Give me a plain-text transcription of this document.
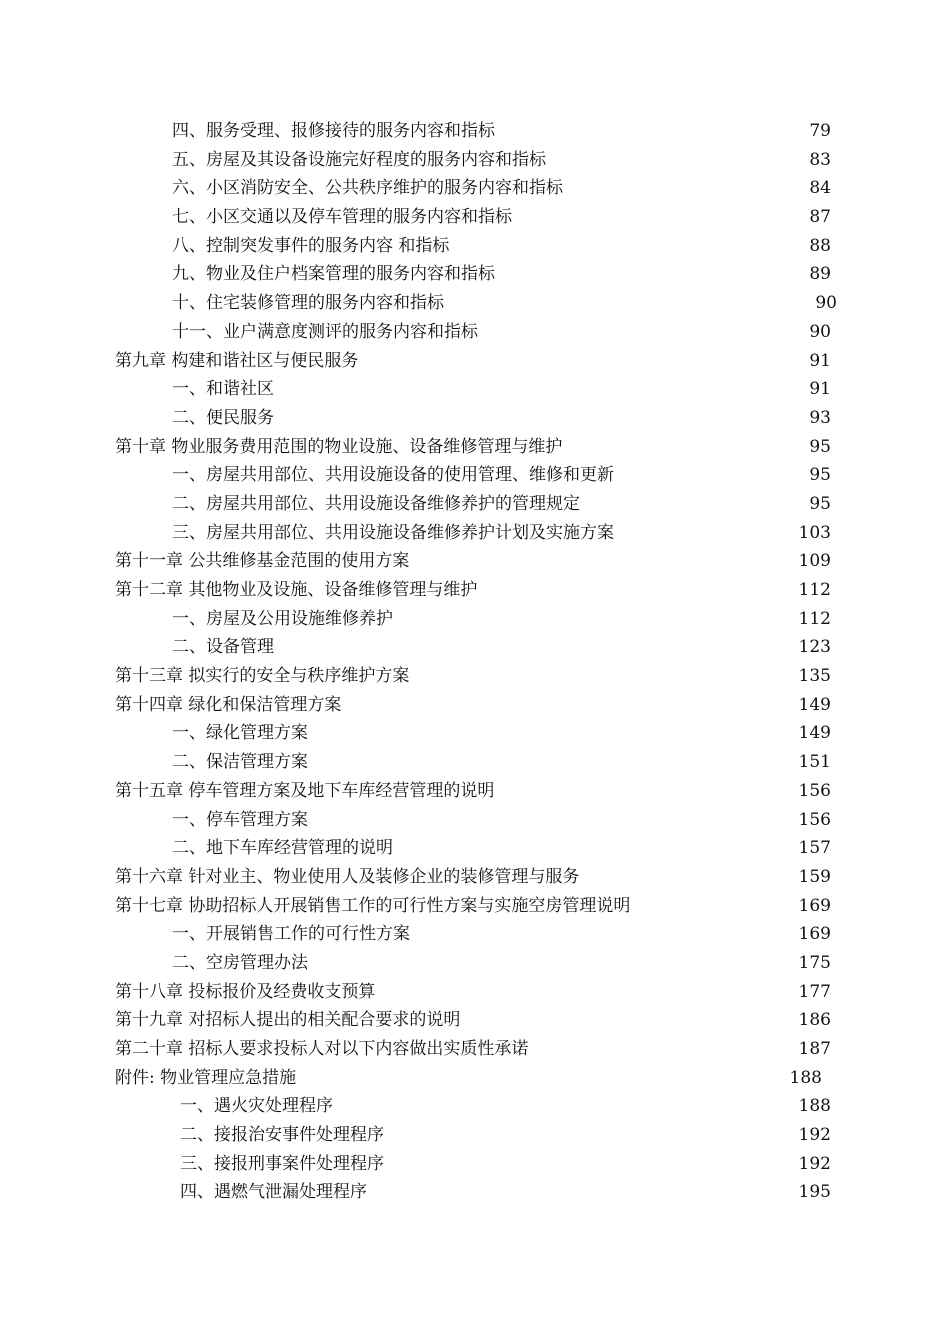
四、服务受理、报修接待的服务内容和指标	79
五、房屋及其设备设施完好程度的服务内容和指标	83
六、小区消防安全、公共秩序维护的服务内容和指标	84
七、小区交通以及停车管理的服务内容和指标	87
八、控制突发事件的服务内容 和指标	88
九、物业及住户档案管理的服务内容和指标	89
十、住宅装修管理的服务内容和指标	90
十一、业户满意度测评的服务内容和指标	90
第九章 构建和谐社区与便民服务	91
一、和谐社区	91
二、便民服务	93
第十章 物业服务费用范围的物业设施、设备维修管理与维护	95
一、房屋共用部位、共用设施设备的使用管理、维修和更新	95
二、房屋共用部位、共用设施设备维修养护的管理规定	95
三、房屋共用部位、共用设施设备维修养护计划及实施方案	103
第十一章 公共维修基金范围的使用方案	109
第十二章 其他物业及设施、设备维修管理与维护	112
一、房屋及公用设施维修养护	112
二、设备管理	123
第十三章 拟实行的安全与秩序维护方案	135
第十四章 绿化和保洁管理方案	149
一、绿化管理方案	149
二、保洁管理方案	151
第十五章 停车管理方案及地下车库经营管理的说明	156
一、停车管理方案	156
二、地下车库经营管理的说明	157
第十六章 针对业主、物业使用人及装修企业的装修管理与服务	159
第十七章 协助招标人开展销售工作的可行性方案与实施空房管理说明	169
一、开展销售工作的可行性方案	169
二、空房管理办法	175
第十八章 投标报价及经费收支预算	177
第十九章 对招标人提出的相关配合要求的说明	186
第二十章 招标人要求投标人对以下内容做出实质性承诺	187
附件: 物业管理应急措施	188
一、遇火灾处理程序	188
二、接报治安事件处理程序	192
三、接报刑事案件处理程序	192
四、遇燃气泄漏处理程序	195
